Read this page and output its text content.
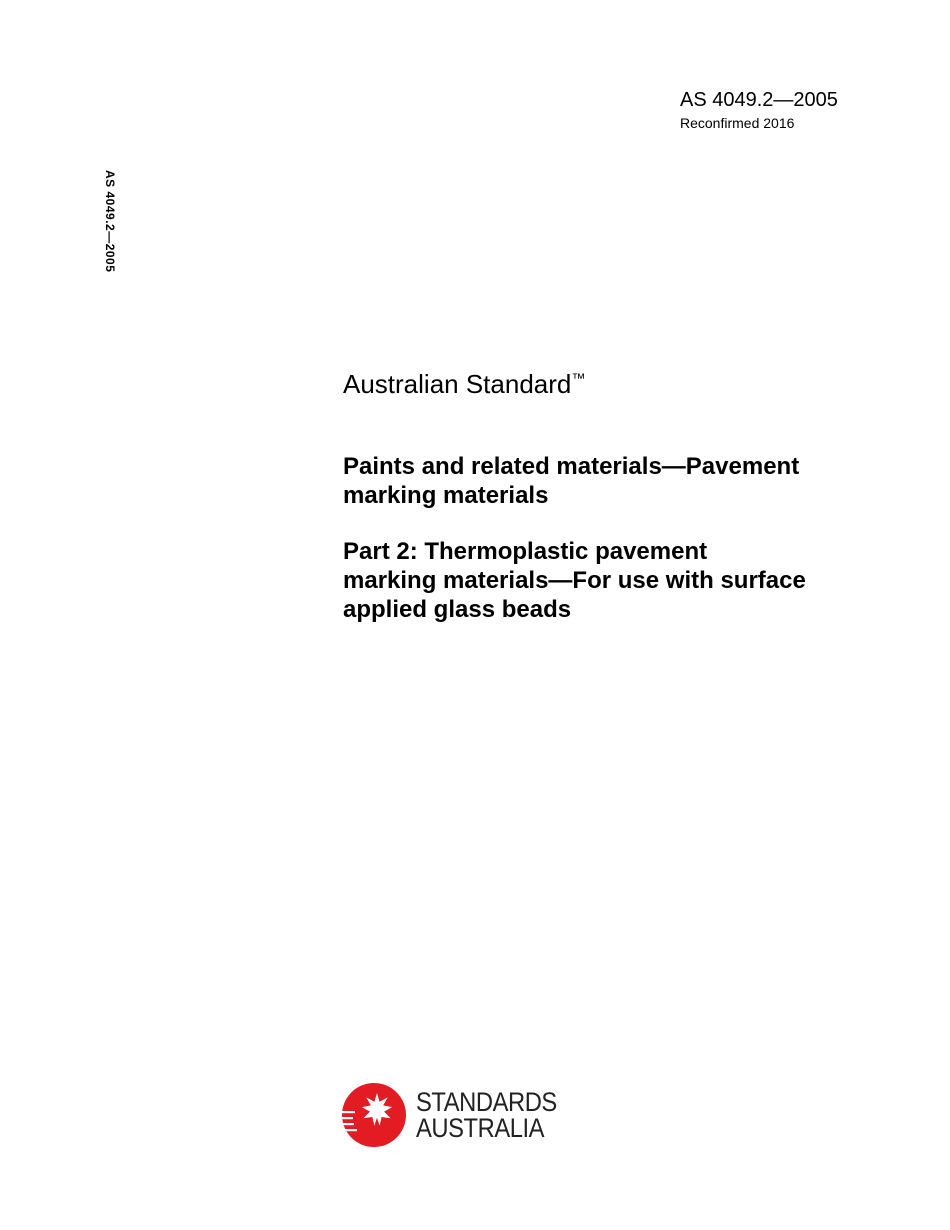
AS 4049.2—2005
Reconfirmed 2016
AS 4049.2—2005
Australian Standard™
Paints and related materials—Pavement
marking materials
Part 2: Thermoplastic pavement
marking materials—For use with surface
applied glass beads
STANDARDS
AUSTRALIA
